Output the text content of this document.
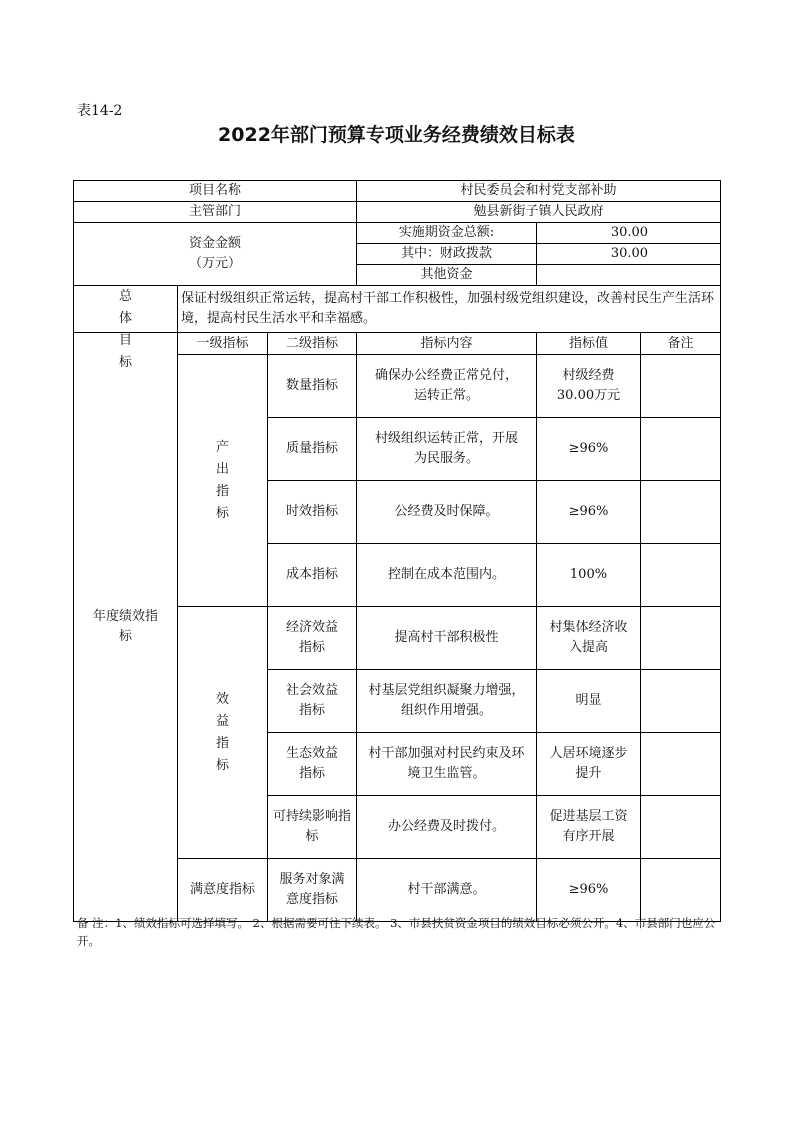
表14-2
2022年部门预算专项业务经费绩效目标表
项目名称			村民委员会和村党支部补助		
主管部门			勉县新街子镇人民政府		

资金金额
（万元）			实施期资金总额:	30.00	
			其中：财政拨款	30.00	
			其他资金		

总体目标	保证村级组织正常运转，提高村干部工作积极性，加强村级党组织建设，改善村民生产生活环境，提高村民生活水平和幸福感。				
年度绩效指标	一级指标	二级指标	指标内容	指标值	备注

	产出指标	数量指标	确保办公经费正常兑付，运转正常。	村级经费30.00万元	
		质量指标	村级组织运转正常，开展为民服务。	≥96%	
		时效指标	公经费及时保障。	≥96%	
		成本指标	控制在成本范围内。	100%	

	效益指标	经济效益指标	提高村干部积极性	村集体经济收入提高	
		社会效益指标	村基层党组织凝聚力增强，组织作用增强。	明显	
		生态效益指标	村干部加强对村民约束及环境卫生监管。	人居环境逐步提升	
		可持续影响指标	办公经费及时拨付。	促进基层工资有序开展	
	满意度指标	服务对象满意度指标	村干部满意。	≥96%	
备 注：1、绩效指标可选择填写。 2、根据需要可往下续表。 3、市县扶贫资金项目的绩效目标必须公开。4、市县部门也应公开。
